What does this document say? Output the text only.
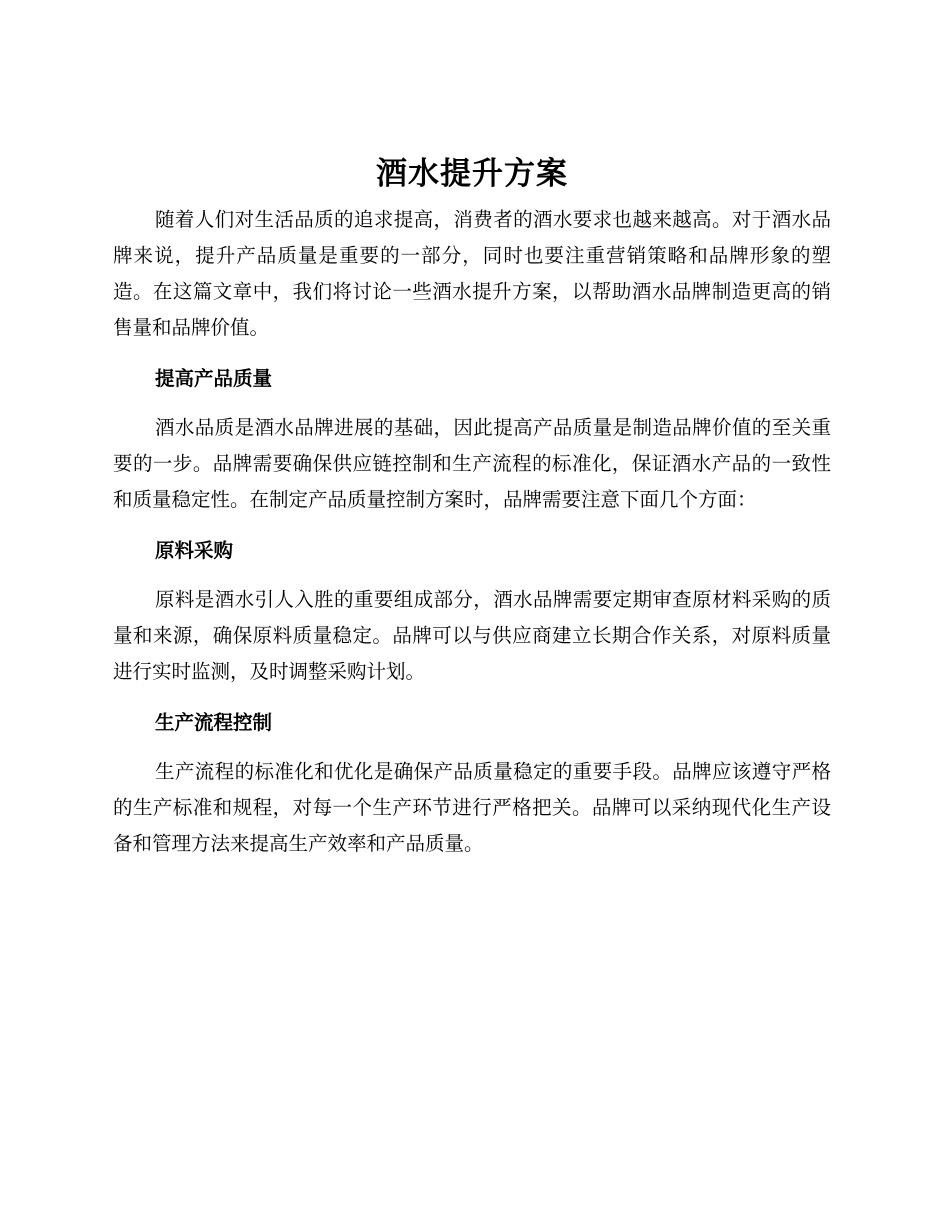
酒水提升方案

随着人们对生活品质的追求提高，消费者的酒水要求也越来越高。对于酒水品牌来说，提升产品质量是重要的一部分，同时也要注重营销策略和品牌形象的塑造。在这篇文章中，我们将讨论一些酒水提升方案，以帮助酒水品牌制造更高的销售量和品牌价值。

提高产品质量

酒水品质是酒水品牌进展的基础，因此提高产品质量是制造品牌价值的至关重要的一步。品牌需要确保供应链控制和生产流程的标准化，保证酒水产品的一致性和质量稳定性。在制定产品质量控制方案时，品牌需要注意下面几个方面：

原料采购

原料是酒水引人入胜的重要组成部分，酒水品牌需要定期审查原材料采购的质量和来源，确保原料质量稳定。品牌可以与供应商建立长期合作关系，对原料质量进行实时监测，及时调整采购计划。

生产流程控制

生产流程的标准化和优化是确保产品质量稳定的重要手段。品牌应该遵守严格的生产标准和规程，对每一个生产环节进行严格把关。品牌可以采纳现代化生产设备和管理方法来提高生产效率和产品质量。
